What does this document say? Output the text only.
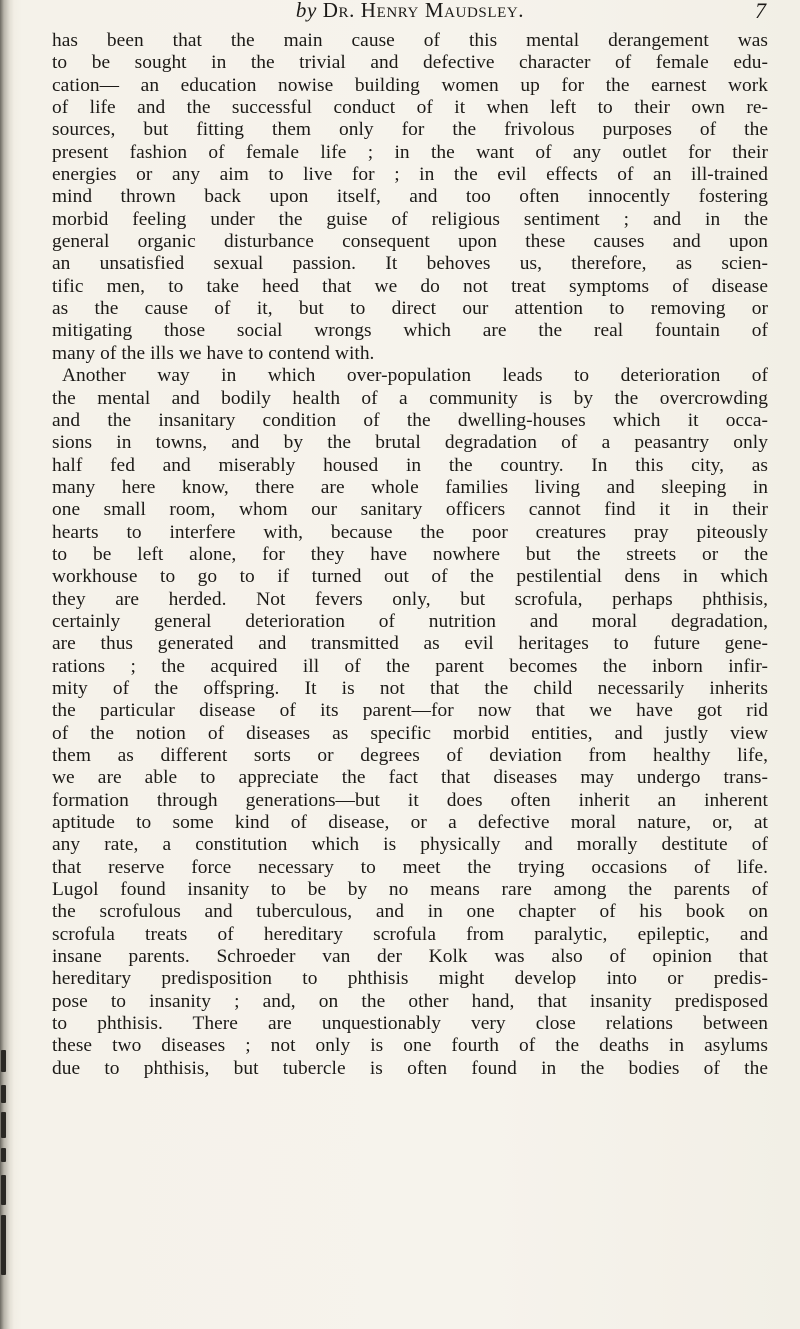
by Dr. Henry Maudsley.	7
has been that the main cause of this mental derangement was
to be sought in the trivial and defective character of female edu-
cation— an education nowise building women up for the earnest work
of life and the successful conduct of it when left to their own re-
sources, but fitting them only for the frivolous purposes of the
present fashion of female life ; in the want of any outlet for their
energies or any aim to live for ; in the evil effects of an ill-trained
mind thrown back upon itself, and too often innocently fostering
morbid feeling under the guise of religious sentiment ; and in the
general organic disturbance consequent upon these causes and upon
an unsatisfied sexual passion. It behoves us, therefore, as scien-
tific men, to take heed that we do not treat symptoms of disease
as the cause of it, but to direct our attention to removing or
mitigating those social wrongs which are the real fountain of
many of the ills we have to contend with.
Another way in which over-population leads to deterioration of
the mental and bodily health of a community is by the overcrowding
and the insanitary condition of the dwelling-houses which it occa-
sions in towns, and by the brutal degradation of a peasantry only
half fed and miserably housed in the country. In this city, as
many here know, there are whole families living and sleeping in
one small room, whom our sanitary officers cannot find it in their
hearts to interfere with, because the poor creatures pray piteously
to be left alone, for they have nowhere but the streets or the
workhouse to go to if turned out of the pestilential dens in which
they are herded. Not fevers only, but scrofula, perhaps phthisis,
certainly general deterioration of nutrition and moral degradation,
are thus generated and transmitted as evil heritages to future gene-
rations ; the acquired ill of the parent becomes the inborn infir-
mity of the offspring. It is not that the child necessarily inherits
the particular disease of its parent—for now that we have got rid
of the notion of diseases as specific morbid entities, and justly view
them as different sorts or degrees of deviation from healthy life,
we are able to appreciate the fact that diseases may undergo trans-
formation through generations—but it does often inherit an inherent
aptitude to some kind of disease, or a defective moral nature, or, at
any rate, a constitution which is physically and morally destitute of
that reserve force necessary to meet the trying occasions of life.
Lugol found insanity to be by no means rare among the parents of
the scrofulous and tuberculous, and in one chapter of his book on
scrofula treats of hereditary scrofula from paralytic, epileptic, and
insane parents. Schroeder van der Kolk was also of opinion that
hereditary predisposition to phthisis might develop into or predis-
pose to insanity ; and, on the other hand, that insanity predisposed
to phthisis. There are unquestionably very close relations between
these two diseases ; not only is one fourth of the deaths in asylums
due to phthisis, but tubercle is often found in the bodies of the
